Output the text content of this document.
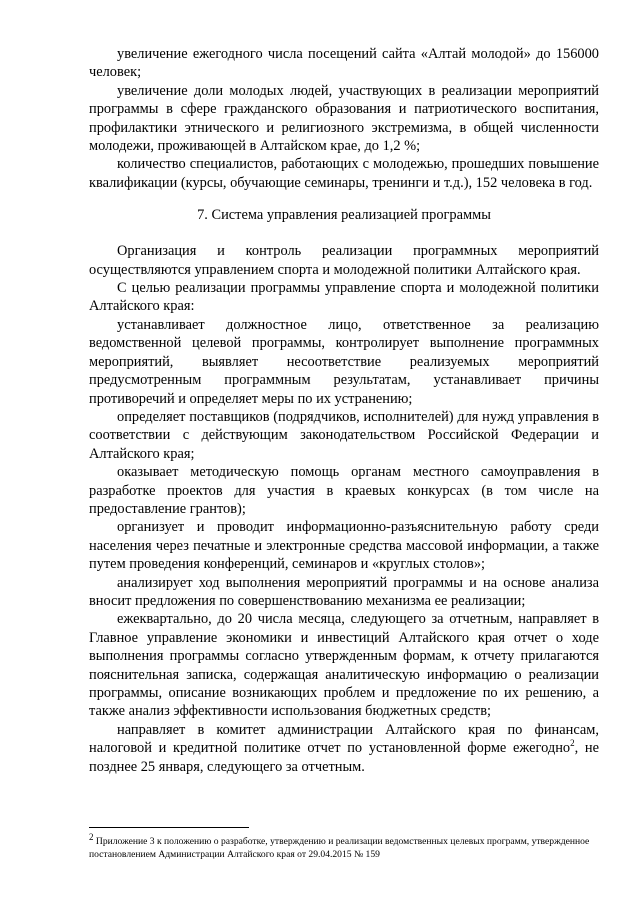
увеличение ежегодного числа посещений сайта «Алтай молодой» до 156000 человек;

увеличение доли молодых людей, участвующих в реализации мероприятий программы в сфере гражданского образования и патриотического воспитания, профилактики этнического и религиозного экстремизма, в общей численности молодежи, проживающей в Алтайском крае, до 1,2 %;

количество специалистов, работающих с молодежью, прошедших повышение квалификации (курсы, обучающие семинары, тренинги и т.д.), 152 человека в год.

7. Система управления реализацией программы

Организация и контроль реализации программных мероприятий осуществляются управлением спорта и молодежной политики Алтайского края.

С целью реализации программы управление спорта и молодежной политики Алтайского края:

устанавливает должностное лицо, ответственное за реализацию ведомственной целевой программы, контролирует выполнение программных мероприятий, выявляет несоответствие реализуемых мероприятий предусмотренным программным результатам, устанавливает причины противоречий и определяет меры по их устранению;

определяет поставщиков (подрядчиков, исполнителей) для нужд управления в соответствии с действующим законодательством Российской Федерации и Алтайского края;

оказывает методическую помощь органам местного самоуправления в разработке проектов для участия в краевых конкурсах (в том числе на предоставление грантов);

организует и проводит информационно-разъяснительную работу среди населения через печатные и электронные средства массовой информации, а также путем проведения конференций, семинаров и «круглых столов»;

анализирует ход выполнения мероприятий программы и на основе анализа вносит предложения по совершенствованию механизма ее реализации;

ежеквартально, до 20 числа месяца, следующего за отчетным, направляет в Главное управление экономики и инвестиций Алтайского края отчет о ходе выполнения программы согласно утвержденным формам, к отчету прилагаются пояснительная записка, содержащая аналитическую информацию о реализации программы, описание возникающих проблем и предложение по их решению, а также анализ эффективности использования бюджетных средств;

направляет в комитет администрации Алтайского края по финансам, налоговой и кредитной политике отчет по установленной форме ежегодно$^2$, не позднее 25 января, следующего за отчетным.

$^2$ Приложение 3 к положению о разработке, утверждению и реализации ведомственных целевых программ, утвержденное постановлением Администрации Алтайского края от 29.04.2015 № 159
